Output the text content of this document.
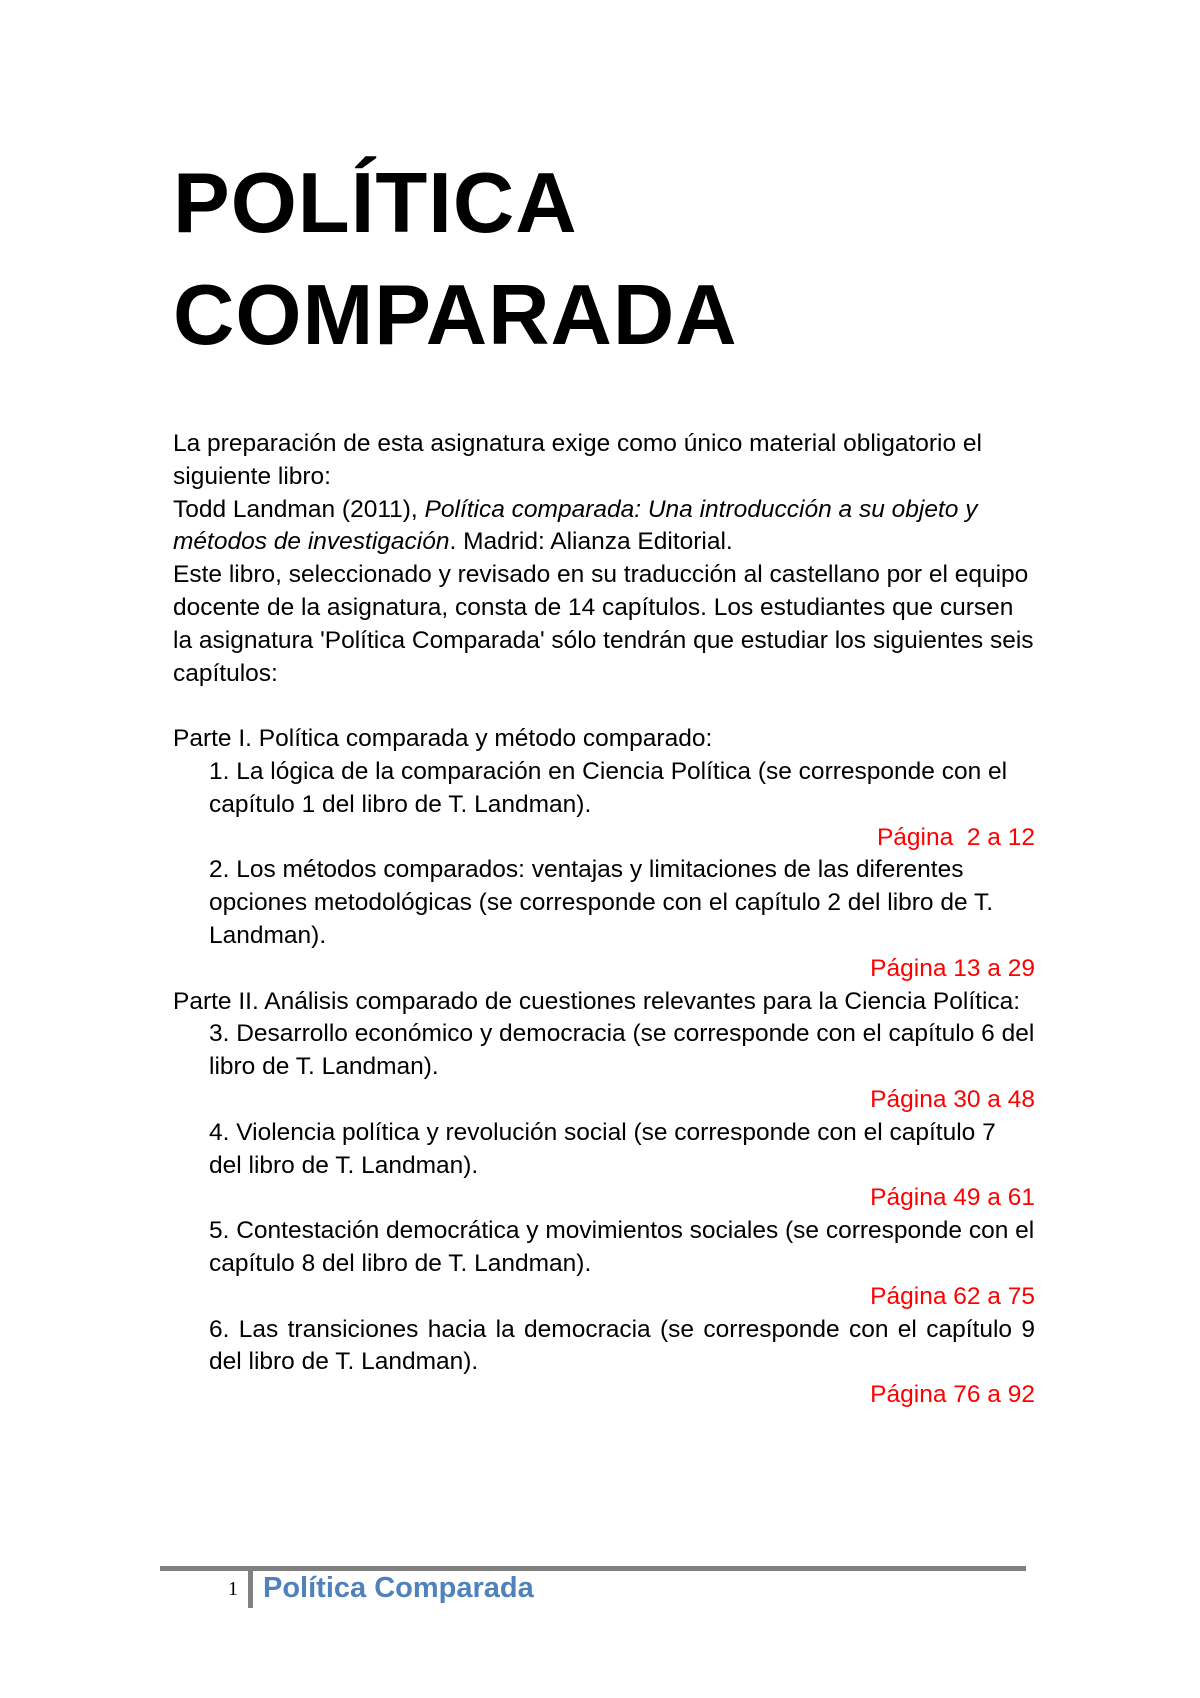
POLÍTICA
COMPARADA

La preparación de esta asignatura exige como único material obligatorio el siguiente libro:

Todd Landman (2011), Política comparada: Una introducción a su objeto y métodos de investigación. Madrid: Alianza Editorial.

Este libro, seleccionado y revisado en su traducción al castellano por el equipo docente de la asignatura, consta de 14 capítulos. Los estudiantes que cursen la asignatura ʹPolítica Comparadaʹ sólo tendrán que estudiar los siguientes seis capítulos:

Parte I. Política comparada y método comparado:

1. La lógica de la comparación en Ciencia Política (se corresponde con el capítulo 1 del libro de T. Landman).

Página  2 a 12

2. Los métodos comparados: ventajas y limitaciones de las diferentes opciones metodológicas (se corresponde con el capítulo 2 del libro de T. Landman).

Página 13 a 29

Parte II. Análisis comparado de cuestiones relevantes para la Ciencia Política:

3. Desarrollo económico y democracia (se corresponde con el capítulo 6 del libro de T. Landman).

Página 30 a 48

4. Violencia política y revolución social (se corresponde con el capítulo 7 del libro de T. Landman).

Página 49 a 61

5. Contestación democrática y movimientos sociales (se corresponde con el capítulo 8 del libro de T. Landman).

Página 62 a 75

6. Las transiciones hacia la democracia (se corresponde con el capítulo 9 del libro de T. Landman).

Página 76 a 92

1 Política Comparada
